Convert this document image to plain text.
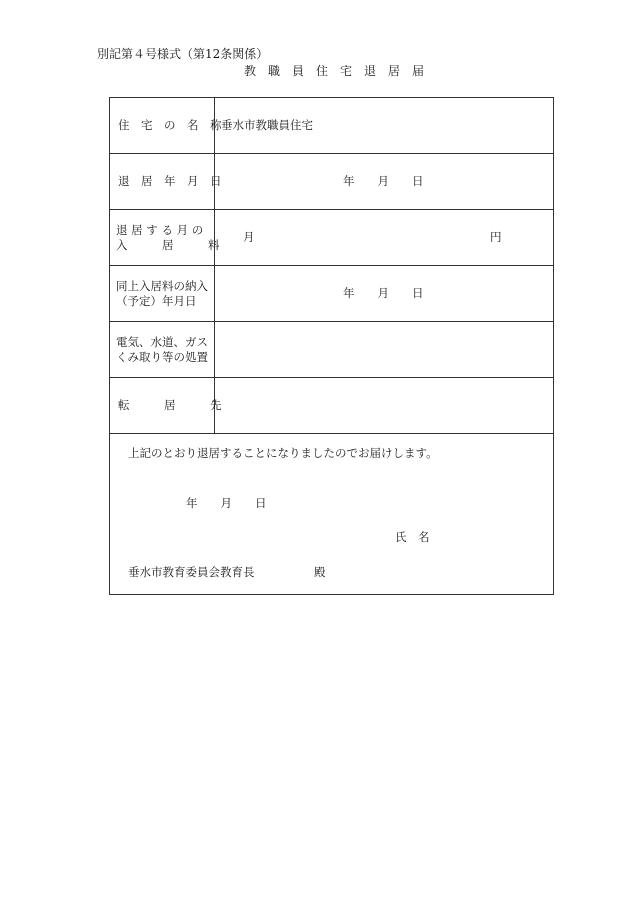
別記第４号様式（第12条関係）
教　職　員　住　宅　退　居　届
住　宅　の　名　称 垂水市教職員住宅
退　居　年　月　日	年　　月　　日
退 居 す る 月 の
入　　　居　　　料
月	円
同上入居料の納入
（予定）年月日
年　　月　　日
電気、水道、ガス
くみ取り等の処置
転　　　居　　　先
上記のとおり退居することになりましたのでお届けします。
年　　月　　日
氏　名
垂水市教育委員会教育長	殿
